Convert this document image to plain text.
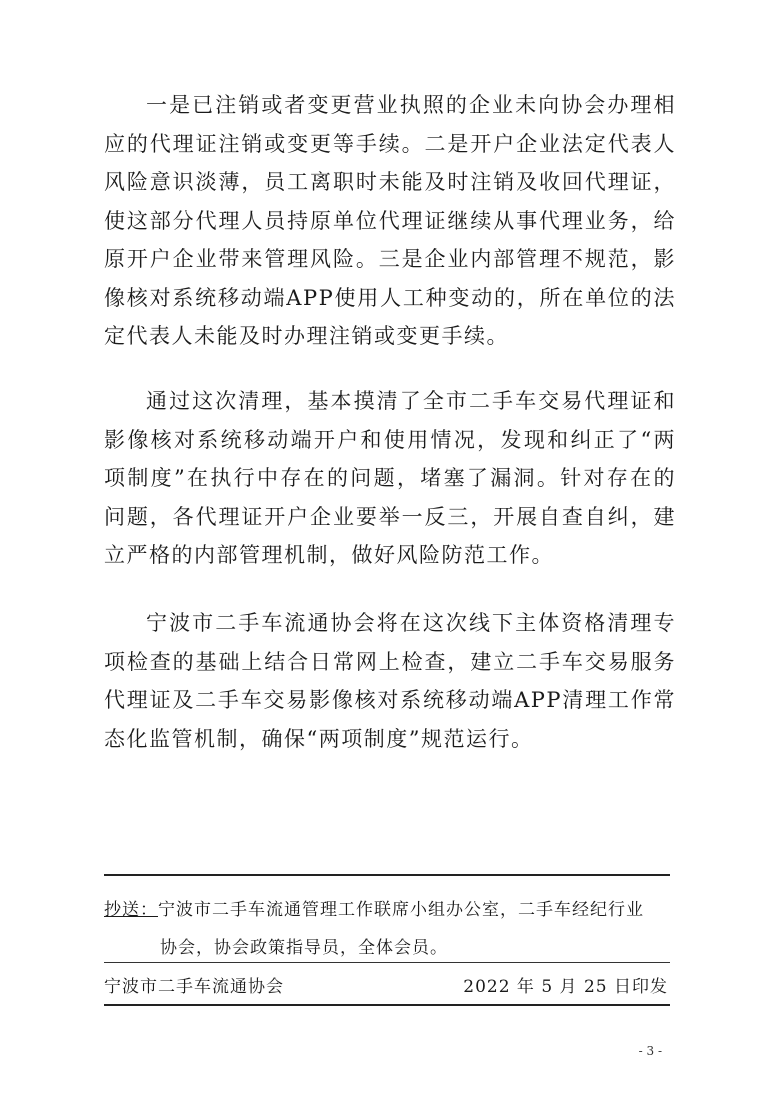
一是已注销或者变更营业执照的企业未向协会办理相应的代理证注销或变更等手续。二是开户企业法定代表人风险意识淡薄，员工离职时未能及时注销及收回代理证，使这部分代理人员持原单位代理证继续从事代理业务，给原开户企业带来管理风险。三是企业内部管理不规范，影像核对系统移动端APP使用人工种变动的，所在单位的法定代表人未能及时办理注销或变更手续。

通过这次清理，基本摸清了全市二手车交易代理证和影像核对系统移动端开户和使用情况，发现和纠正了“两项制度”在执行中存在的问题，堵塞了漏洞。针对存在的问题，各代理证开户企业要举一反三，开展自查自纠，建立严格的内部管理机制，做好风险防范工作。

宁波市二手车流通协会将在这次线下主体资格清理专项检查的基础上结合日常网上检查，建立二手车交易服务代理证及二手车交易影像核对系统移动端APP清理工作常态化监管机制，确保“两项制度”规范运行。

抄送：宁波市二手车流通管理工作联席小组办公室，二手车经纪行业
协会，协会政策指导员，全体会员。
宁波市二手车流通协会	2022 年 5 月 25 日印发
- 3 -
